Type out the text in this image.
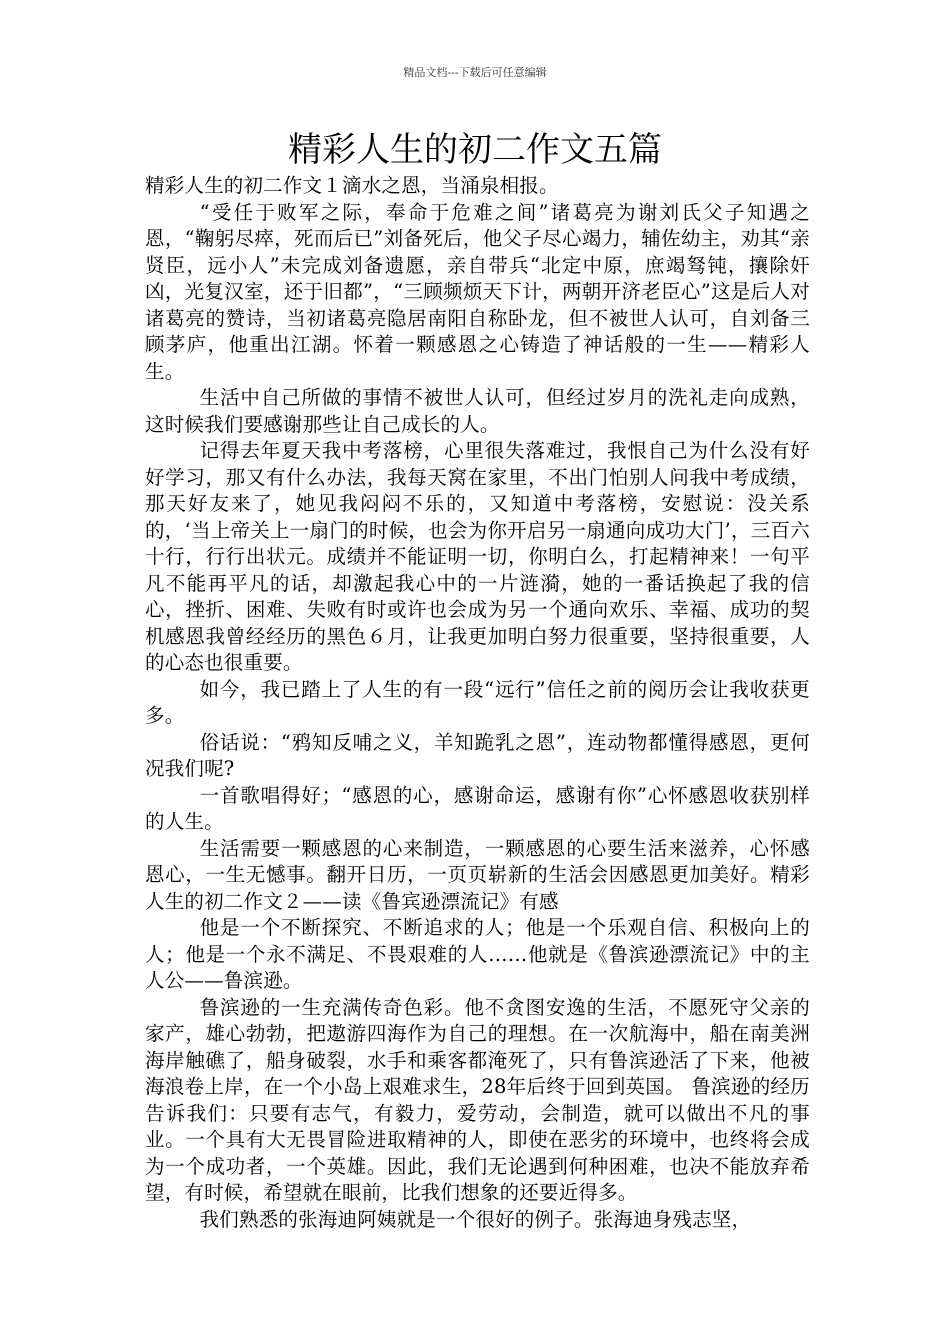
精品文档---下载后可任意编辑
精彩人生的初二作文五篇

精彩人生的初二作文１滴水之恩，当涌泉相报。

“受任于败军之际，奉命于危难之间”诸葛亮为谢刘氏父子知遇之恩，“鞠躬尽瘁，死而后已”刘备死后，他父子尽心竭力，辅佐幼主，劝其“亲贤臣，远小人”未完成刘备遗愿，亲自带兵“北定中原，庶竭驽钝，攘除奸凶，光复汉室，还于旧都”，“三顾频烦天下计，两朝开济老臣心”这是后人对诸葛亮的赞诗，当初诸葛亮隐居南阳自称卧龙，但不被世人认可，自刘备三顾茅庐，他重出江湖。怀着一颗感恩之心铸造了神话般的一生——精彩人生。

生活中自己所做的事情不被世人认可，但经过岁月的洗礼走向成熟，这时候我们要感谢那些让自己成长的人。

记得去年夏天我中考落榜，心里很失落难过，我恨自己为什么没有好好学习，那又有什么办法，我每天窝在家里，不出门怕别人问我中考成绩，那天好友来了，她见我闷闷不乐的，又知道中考落榜，安慰说：没关系的，‘当上帝关上一扇门的时候，也会为你开启另一扇通向成功大门’，三百六十行，行行出状元。成绩并不能证明一切，你明白么，打起精神来！一句平凡不能再平凡的话，却激起我心中的一片涟漪，她的一番话换起了我的信心，挫折、困难、失败有时或许也会成为另一个通向欢乐、幸福、成功的契机感恩我曾经经历的黑色６月，让我更加明白努力很重要，坚持很重要，人的心态也很重要。

如今，我已踏上了人生的有一段“远行”信任之前的阅历会让我收获更多。

俗话说：“鸦知反哺之义，羊知跪乳之恩”，连动物都懂得感恩，更何况我们呢?

一首歌唱得好；“感恩的心，感谢命运，感谢有你”心怀感恩收获别样的人生。

生活需要一颗感恩的心来制造，一颗感恩的心要生活来滋养，心怀感恩心，一生无憾事。翻开日历，一页页崭新的生活会因感恩更加美好。精彩人生的初二作文２——读《鲁宾逊漂流记》有感

他是一个不断探究、不断追求的人；他是一个乐观自信、积极向上的人；他是一个永不满足、不畏艰难的人……他就是《鲁滨逊漂流记》中的主人公——鲁滨逊。

鲁滨逊的一生充满传奇色彩。他不贪图安逸的生活，不愿死守父亲的家产，雄心勃勃，把遨游四海作为自己的理想。在一次航海中，船在南美洲海岸触礁了，船身破裂，水手和乘客都淹死了，只有鲁滨逊活了下来，他被海浪卷上岸，在一个小岛上艰难求生，28年后终于回到英国。 鲁滨逊的经历告诉我们：只要有志气，有毅力，爱劳动，会制造，就可以做出不凡的事业。一个具有大无畏冒险进取精神的人，即使在恶劣的环境中，也终将会成为一个成功者，一个英雄。因此，我们无论遇到何种困难，也决不能放弃希望，有时候，希望就在眼前，比我们想象的还要近得多。

我们熟悉的张海迪阿姨就是一个很好的例子。张海迪身残志坚，
